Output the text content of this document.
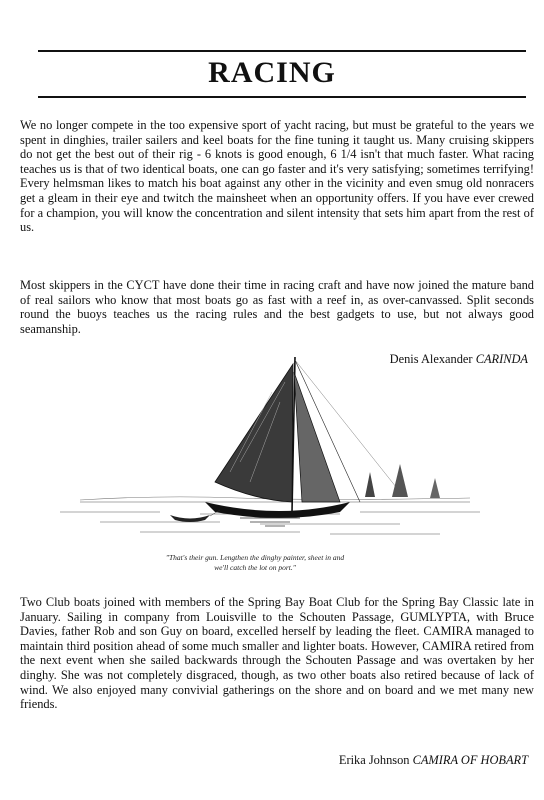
RACING

We no longer compete in the too expensive sport of yacht racing, but must be grateful to the years we spent in dinghies, trailer sailers and keel boats for the fine tuning it taught us. Many cruising skippers do not get the best out of their rig - 6 knots is good enough, 6 1/4 isn't that much faster. What racing teaches us is that of two identical boats, one can go faster and it's very satisfying; sometimes terrifying! Every helmsman likes to match his boat against any other in the vicinity and even smug old nonracers get a gleam in their eye and twitch the mainsheet when an opportunity offers. If you have ever crewed for a champion, you will know the concentration and silent intensity that sets him apart from the rest of us.

Most skippers in the CYCT have done their time in racing craft and have now joined the mature band of real sailors who know that most boats go as fast with a reef in, as over-canvassed. Split seconds round the buoys teaches us the racing rules and the best gadgets to use, but not always good seamanship.

Denis Alexander CARINDA
"That's their gun. Lengthen the dinghy painter, sheet in and
we'll catch the lot on port."

Two Club boats joined with members of the Spring Bay Boat Club for the Spring Bay Classic late in January. Sailing in company from Louisville to the Schouten Passage, GUMLYPTA, with Bruce Davies, father Rob and son Guy on board, excelled herself by leading the fleet. CAMIRA managed to maintain third position ahead of some much smaller and lighter boats. However, CAMIRA retired from the next event when she sailed backwards through the Schouten Passage and was overtaken by her dinghy. She was not completely disgraced, though, as two other boats also retired because of lack of wind. We also enjoyed many convivial gatherings on the shore and on board and we met many new friends.

Erika Johnson CAMIRA OF HOBART
